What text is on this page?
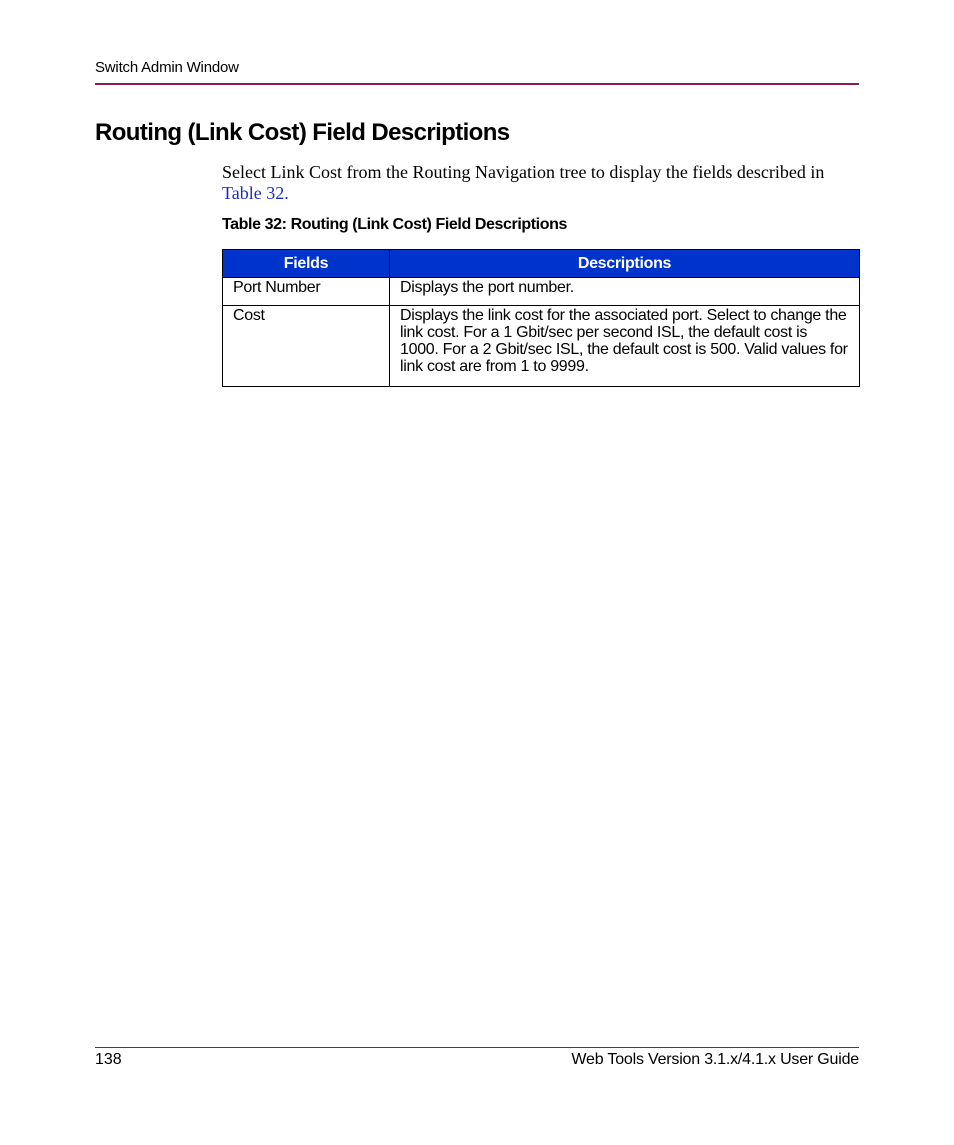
Switch Admin Window
Routing (Link Cost) Field Descriptions

Select Link Cost from the Routing Navigation tree to display the fields described in Table 32.

Table 32: Routing (Link Cost) Field Descriptions
Fields	Descriptions
Port Number	Displays the port number.
Cost	Displays the link cost for the associated port. Select to change the link cost. For a 1 Gbit/sec per second ISL, the default cost is 1000. For a 2 Gbit/sec ISL, the default cost is 500. Valid values for link cost are from 1 to 9999.
138	Web Tools Version 3.1.x/4.1.x User Guide
